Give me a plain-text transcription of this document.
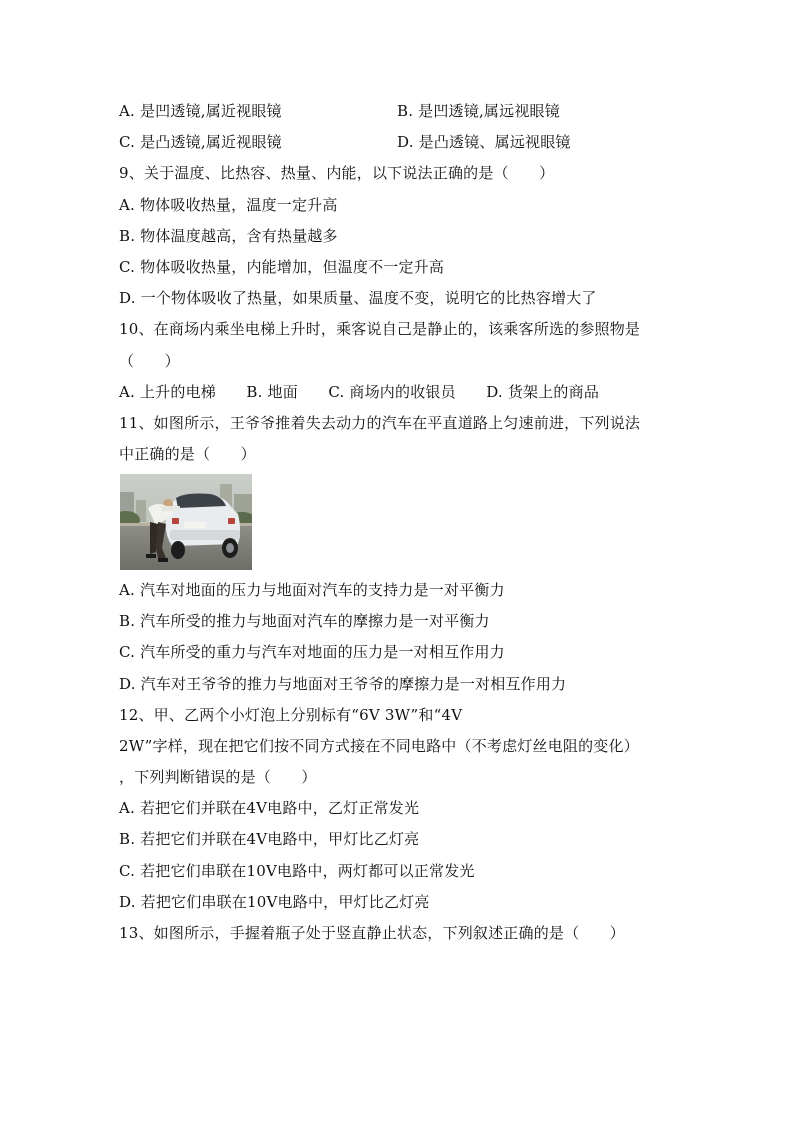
A. 是凹透镜,属近视眼镜	B. 是凹透镜,属远视眼镜
C. 是凸透镜,属近视眼镜	D. 是凸透镜、属远视眼镜
9、关于温度、比热容、热量、内能，以下说法正确的是（　　）
A. 物体吸收热量，温度一定升高
B. 物体温度越高，含有热量越多
C. 物体吸收热量，内能增加，但温度不一定升高
D. 一个物体吸收了热量，如果质量、温度不变，说明它的比热容增大了
10、在商场内乘坐电梯上升时，乘客说自己是静止的，该乘客所选的参照物是
（　　）
A. 上升的电梯　　B. 地面　　C. 商场内的收银员　　D. 货架上的商品
11、如图所示，王爷爷推着失去动力的汽车在平直道路上匀速前进，下列说法
中正确的是（　　）
A. 汽车对地面的压力与地面对汽车的支持力是一对平衡力
B. 汽车所受的推力与地面对汽车的摩擦力是一对平衡力
C. 汽车所受的重力与汽车对地面的压力是一对相互作用力
D. 汽车对王爷爷的推力与地面对王爷爷的摩擦力是一对相互作用力
12、甲、乙两个小灯泡上分别标有“6V 3W”和“4V
2W”字样，现在把它们按不同方式接在不同电路中（不考虑灯丝电阻的变化）
，下列判断错误的是（　　）
A. 若把它们并联在4V电路中，乙灯正常发光
B. 若把它们并联在4V电路中，甲灯比乙灯亮
C. 若把它们串联在10V电路中，两灯都可以正常发光
D. 若把它们串联在10V电路中，甲灯比乙灯亮
13、如图所示，手握着瓶子处于竖直静止状态，下列叙述正确的是（　　）
